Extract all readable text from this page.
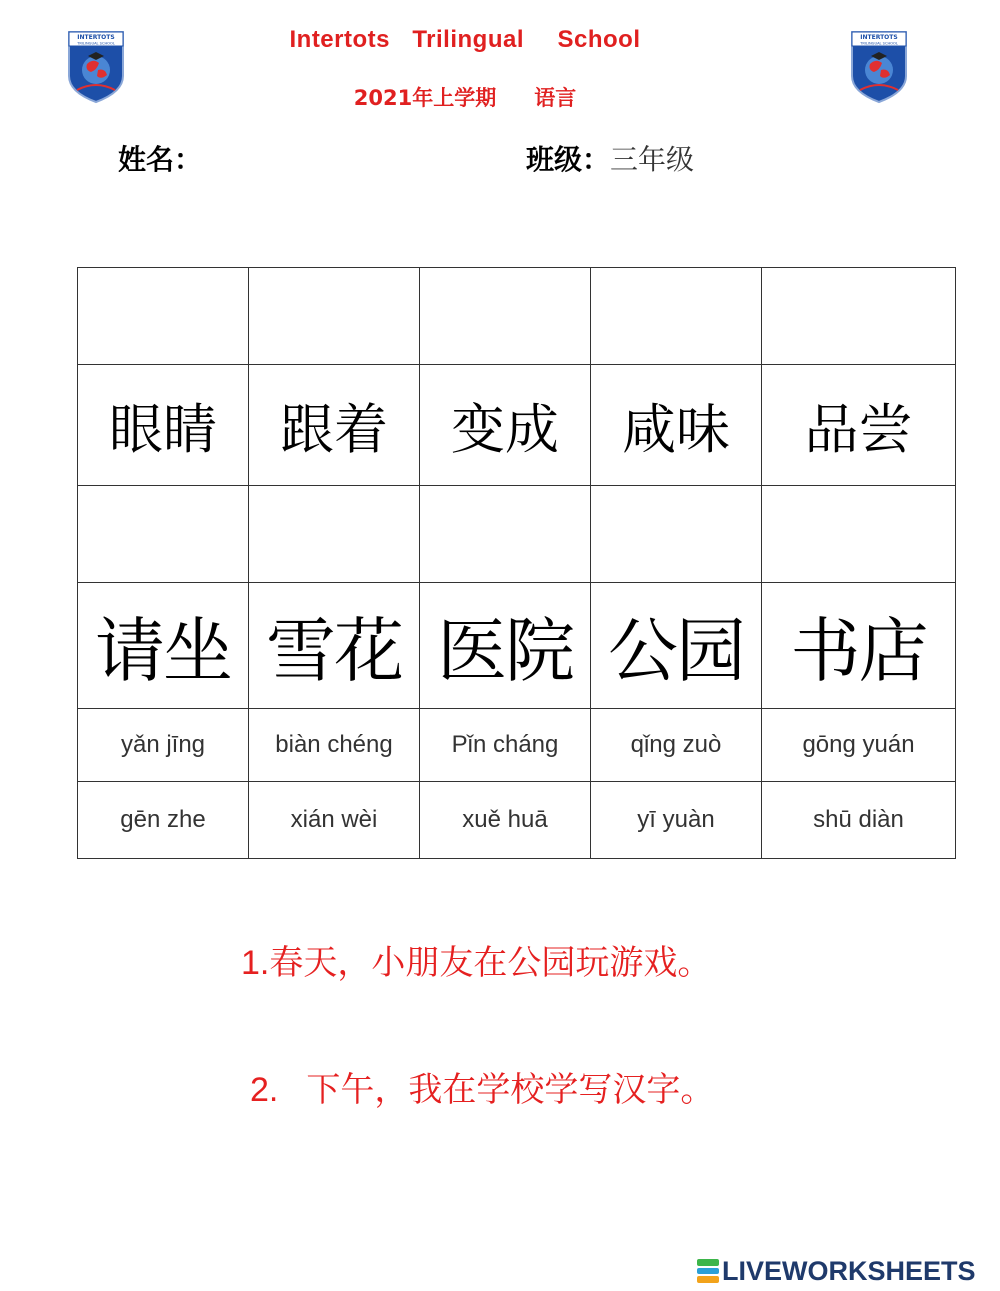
INTERTOTS
TRILINGUAL SCHOOL
INTERTOTS
TRILINGUAL SCHOOL
Intertots  Trilingual   School
2021年上学期 语言
姓名：	班级：三年级

眼睛	跟着	变成	咸味	品尝

请坐	雪花	医院	公园	书店
yǎn jīng	biàn chéng	Pǐn cháng	qǐng zuò	gōng yuán
gēn zhe	xián wèi	xuě huā	yī yuàn	shū diàn
1.春天，小朋友在公园玩游戏。
2. 下午，我在学校学写汉字。
LIVEWORKSHEETS
